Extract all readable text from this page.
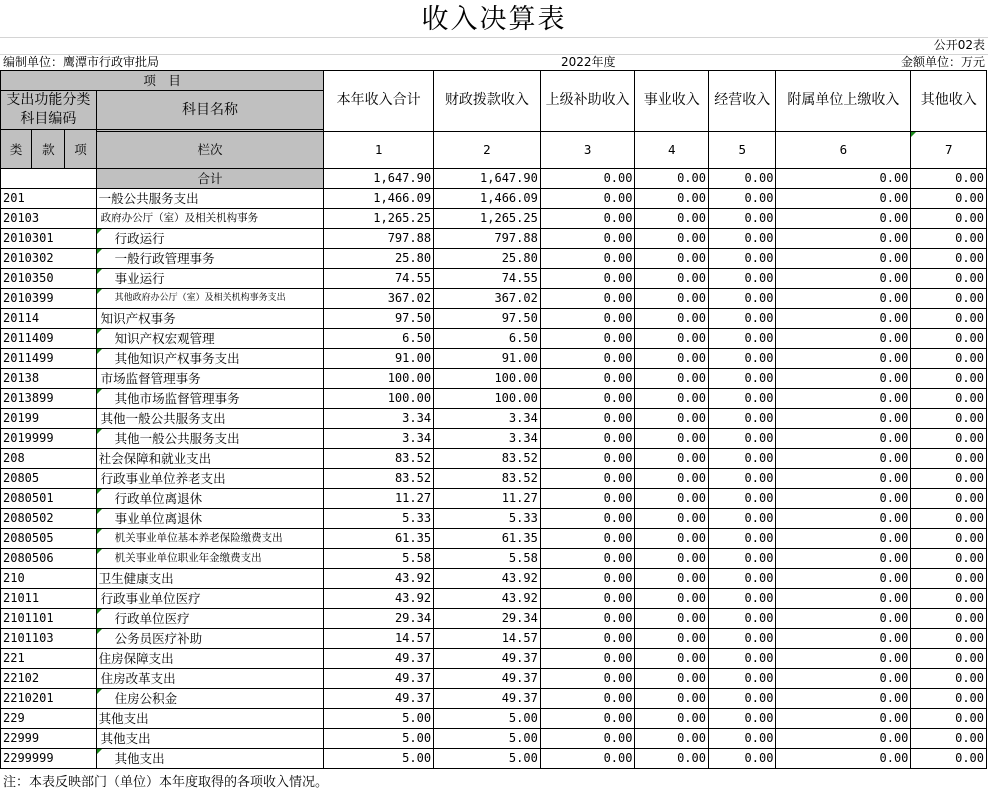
收入决算表
公开02表
编制单位：鹰潭市行政审批局	2022年度	金额单位：万元
项　目				本年收入合计	财政拨款收入	上级补助收入	事业收入	经营收入	附属单位上缴收入	其他收入
支出功能分类科目编码			科目名称							

类	款	项								
			栏次	1	2	3	4	5	6	7
			合计	1,647.90	1,647.90	0.00	0.00	0.00	0.00	0.00
201			一般公共服务支出	1,466.09	1,466.09	0.00	0.00	0.00	0.00	0.00
20103			政府办公厅（室）及相关机构事务	1,265.25	1,265.25	0.00	0.00	0.00	0.00	0.00
2010301			行政运行	797.88	797.88	0.00	0.00	0.00	0.00	0.00
2010302			一般行政管理事务	25.80	25.80	0.00	0.00	0.00	0.00	0.00
2010350			事业运行	74.55	74.55	0.00	0.00	0.00	0.00	0.00
2010399			其他政府办公厅（室）及相关机构事务支出	367.02	367.02	0.00	0.00	0.00	0.00	0.00
20114			知识产权事务	97.50	97.50	0.00	0.00	0.00	0.00	0.00
2011409			知识产权宏观管理	6.50	6.50	0.00	0.00	0.00	0.00	0.00
2011499			其他知识产权事务支出	91.00	91.00	0.00	0.00	0.00	0.00	0.00
20138			市场监督管理事务	100.00	100.00	0.00	0.00	0.00	0.00	0.00
2013899			其他市场监督管理事务	100.00	100.00	0.00	0.00	0.00	0.00	0.00
20199			其他一般公共服务支出	3.34	3.34	0.00	0.00	0.00	0.00	0.00
2019999			其他一般公共服务支出	3.34	3.34	0.00	0.00	0.00	0.00	0.00
208			社会保障和就业支出	83.52	83.52	0.00	0.00	0.00	0.00	0.00
20805			行政事业单位养老支出	83.52	83.52	0.00	0.00	0.00	0.00	0.00
2080501			行政单位离退休	11.27	11.27	0.00	0.00	0.00	0.00	0.00
2080502			事业单位离退休	5.33	5.33	0.00	0.00	0.00	0.00	0.00
2080505			机关事业单位基本养老保险缴费支出	61.35	61.35	0.00	0.00	0.00	0.00	0.00
2080506			机关事业单位职业年金缴费支出	5.58	5.58	0.00	0.00	0.00	0.00	0.00
210			卫生健康支出	43.92	43.92	0.00	0.00	0.00	0.00	0.00
21011			行政事业单位医疗	43.92	43.92	0.00	0.00	0.00	0.00	0.00
2101101			行政单位医疗	29.34	29.34	0.00	0.00	0.00	0.00	0.00
2101103			公务员医疗补助	14.57	14.57	0.00	0.00	0.00	0.00	0.00
221			住房保障支出	49.37	49.37	0.00	0.00	0.00	0.00	0.00
22102			住房改革支出	49.37	49.37	0.00	0.00	0.00	0.00	0.00
2210201			住房公积金	49.37	49.37	0.00	0.00	0.00	0.00	0.00
229			其他支出	5.00	5.00	0.00	0.00	0.00	0.00	0.00
22999			其他支出	5.00	5.00	0.00	0.00	0.00	0.00	0.00
2299999			其他支出	5.00	5.00	0.00	0.00	0.00	0.00	0.00
注：本表反映部门（单位）本年度取得的各项收入情况。
